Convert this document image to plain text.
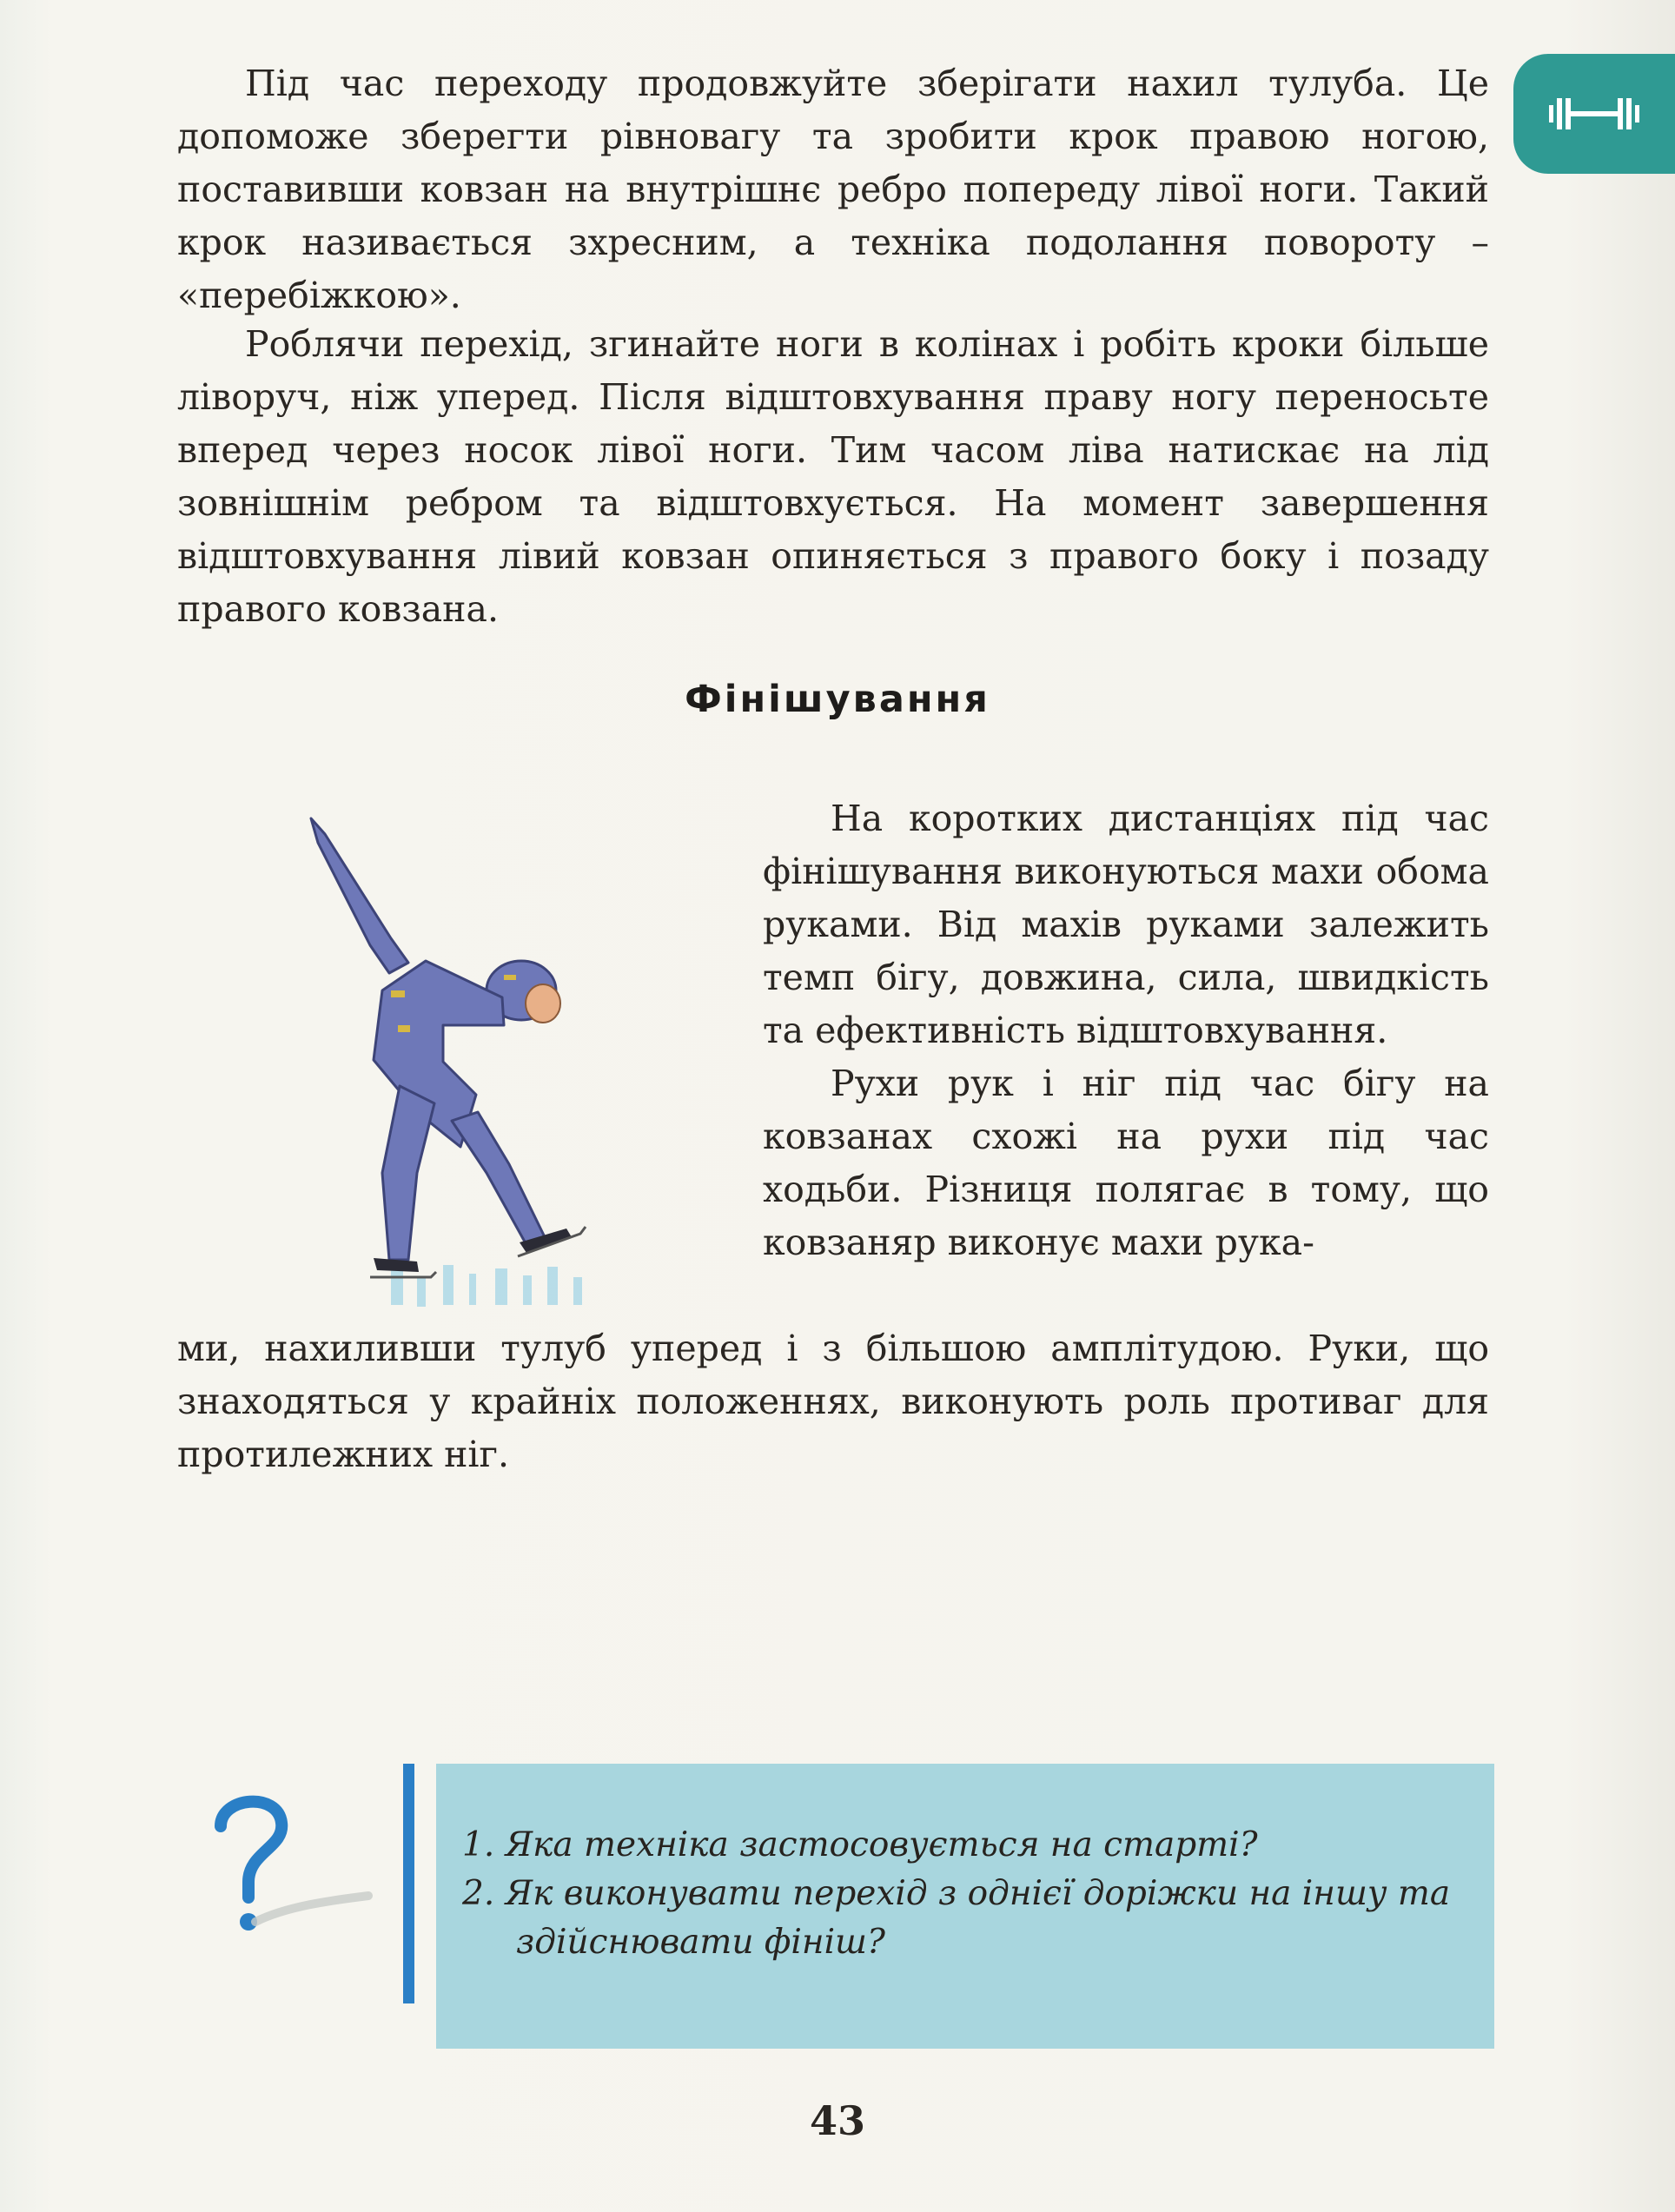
Під час переходу продовжуйте зберігати нахил тулуба. Це допоможе зберегти рівновагу та зробити крок правою ногою, поставивши ковзан на внутрішнє ребро попереду лівої ноги. Такий крок називається зхресним, а техніка подолання повороту – «перебіжкою».

Роблячи перехід, згинайте ноги в колінах і робіть кроки більше ліворуч, ніж уперед. Після відштовхування праву ногу переносьте вперед через носок лівої ноги. Тим часом ліва натискає на лід зовнішнім ребром та відштовхується. На момент завершення відштовхування лівий ковзан опиняється з правого боку і позаду правого ковзана.

Фінішування

На коротких дистанціях під час фінішування виконуються махи обома руками. Від махів руками залежить темп бігу, довжина, сила, швидкість та ефективність відштовхування.

Рухи рук і ніг під час бігу на ковзанах схожі на рухи під час ходьби. Різниця полягає в тому, що ковзаняр виконує махи рука-

ми, нахиливши тулуб уперед і з більшою амплітудою. Руки, що знаходяться у крайніх положеннях, виконують роль противаг для протилежних ніг.

1. Яка техніка застосовується на старті?

2. Як виконувати перехід з однієї доріжки на іншу та здійснювати фініш?

43
